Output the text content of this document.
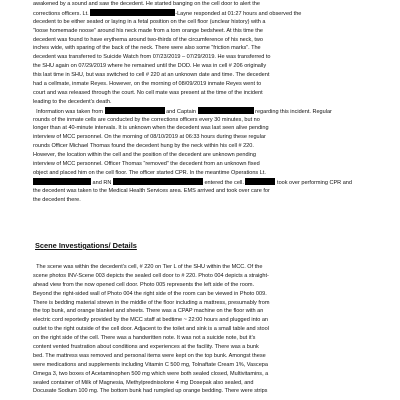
awakened by a sound and saw the decedent. He started banging on the cell door to alert the
corrections officers. Lt.	-Layne responded at 01:27 hours and observed the
decedent to be either seated or laying in a fetal position on the cell floor (unclear history) with a
“loose homemade noose” around his neck made from a torn orange bedsheet. At this time the
decedent was found to have erythema around two-thirds of the circumference of his neck, two
inches wide, with sparing of the back of the neck. There were also some “friction marks”. The
decedent was transferred to Suicide Watch from 07/23/2019 – 07/29/2019. He was transferred to
the SHU again on 07/29/2019 where he remained until the DOD. He was in cell # 206 originally
this last time in SHU, but was switched to cell # 220 at an unknown date and time. The decedent
had a cellmate, inmate Reyes. However, on the morning of 08/09/2019 inmate Reyes went to
court and was released through the court. No cell mate was present at the time of the incident
leading to the decedent’s death.
Information was taken from	and Captain	regarding this incident. Regular
rounds of the inmate cells are conducted by the corrections officers every 30 minutes, but no
longer than at 40-minute intervals. It is unknown when the decedent was last seen alive pending
interview of MCC personnel. On the morning of 08/10/2019 at 06:33 hours during these regular
rounds Officer Michael Thomas found the decedent hung by the neck within his cell # 220.
However, the location within the cell and the position of the decedent are unknown pending
interview of MCC personnel. Officer Thomas “removed” the decedent from an unknown fixed
object and placed him on the cell floor. The officer started CPR. In the meantime Operations Lt.
and RN	entered the cell.	took over performing CPR and
the decedent was taken to the Medical Health Services area. EMS arrived and took over care for
the decedent there.
Scene Investigations/ Details
The scene was within the decedent’s cell, # 220 on Tier L of the SHU within the MCC. Of the
scene photos INV-Scene 003 depicts the sealed cell door to # 220. Photo 004 depicts a straight-
ahead view from the now opened cell door. Photo 005 represents the left side of the room.
Beyond the right-sided wall of Photo 004 the right side of the room can be viewed in Photo 009.
There is bedding material strewn in the middle of the floor including a mattress, presumably from
the top bunk, and orange blanket and sheets. There was a CPAP machine on the floor with an
electric cord reportedly provided by the MCC staff at bedtime ~ 22:00 hours and plugged into an
outlet to the right outside of the cell door. Adjacent to the toilet and sink is a small table and stool
on the right side of the cell. There was a handwritten note. It was not a suicide note, but it’s
content vented frustration about conditions and experiences at the facility. There was a bunk
bed. The mattress was removed and personal items were kept on the top bunk. Amongst these
were medications and supplements including Vitamin C 500 mg, Tolnaftate Cream 1%, Vascepa
Omega 3, two boxes of Acetaminophen 500 mg which were both sealed closed, Multivitamins, a
sealed container of Milk of Magnesia, Methylprednisolone 4 mg Dosepak also sealed, and
Docusate Sodium 100 mg. The bottom bunk had rumpled up orange bedding. There were strips
